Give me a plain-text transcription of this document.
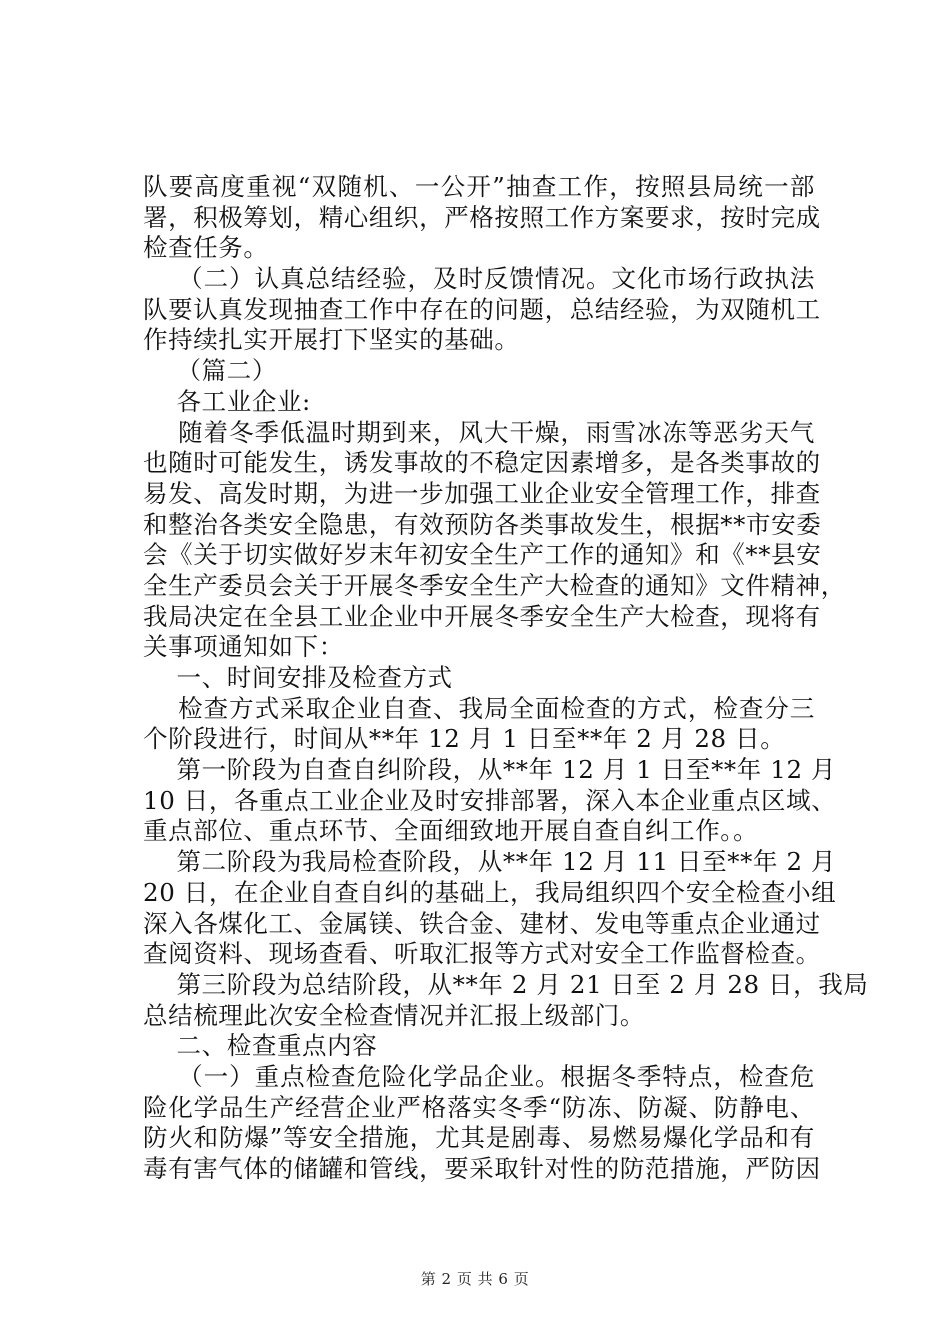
队要高度重视“双随机、一公开”抽查工作，按照县局统一部
署，积极筹划，精心组织，严格按照工作方案要求，按时完成
检查任务。
（二）认真总结经验，及时反馈情况。文化市场行政执法
队要认真发现抽查工作中存在的问题，总结经验，为双随机工
作持续扎实开展打下坚实的基础。
（篇二）
各工业企业:
随着冬季低温时期到来，风大干燥，雨雪冰冻等恶劣天气
也随时可能发生，诱发事故的不稳定因素增多，是各类事故的
易发、高发时期，为进一步加强工业企业安全管理工作，排查
和整治各类安全隐患，有效预防各类事故发生，根据**市安委
会《关于切实做好岁末年初安全生产工作的通知》和《**县安
全生产委员会关于开展冬季安全生产大检查的通知》文件精神，
我局决定在全县工业企业中开展冬季安全生产大检查，现将有
关事项通知如下：
一、时间安排及检查方式
检查方式采取企业自查、我局全面检查的方式，检查分三
个阶段进行，时间从**年 12 月 1 日至**年 2 月 28 日。
第一阶段为自查自纠阶段，从**年 12 月 1 日至**年 12 月
10 日，各重点工业企业及时安排部署，深入本企业重点区域、
重点部位、重点环节、全面细致地开展自查自纠工作。。
第二阶段为我局检查阶段，从**年 12 月 11 日至**年 2 月
20 日，在企业自查自纠的基础上，我局组织四个安全检查小组
深入各煤化工、金属镁、铁合金、建材、发电等重点企业通过
查阅资料、现场查看、听取汇报等方式对安全工作监督检查。
第三阶段为总结阶段，从**年 2 月 21 日至 2 月 28 日，我局
总结梳理此次安全检查情况并汇报上级部门。
二、检查重点内容
（一）重点检查危险化学品企业。根据冬季特点，检查危
险化学品生产经营企业严格落实冬季“防冻、防凝、防静电、
防火和防爆”等安全措施，尤其是剧毒、易燃易爆化学品和有
毒有害气体的储罐和管线，要采取针对性的防范措施，严防因
第 2 页 共 6 页
